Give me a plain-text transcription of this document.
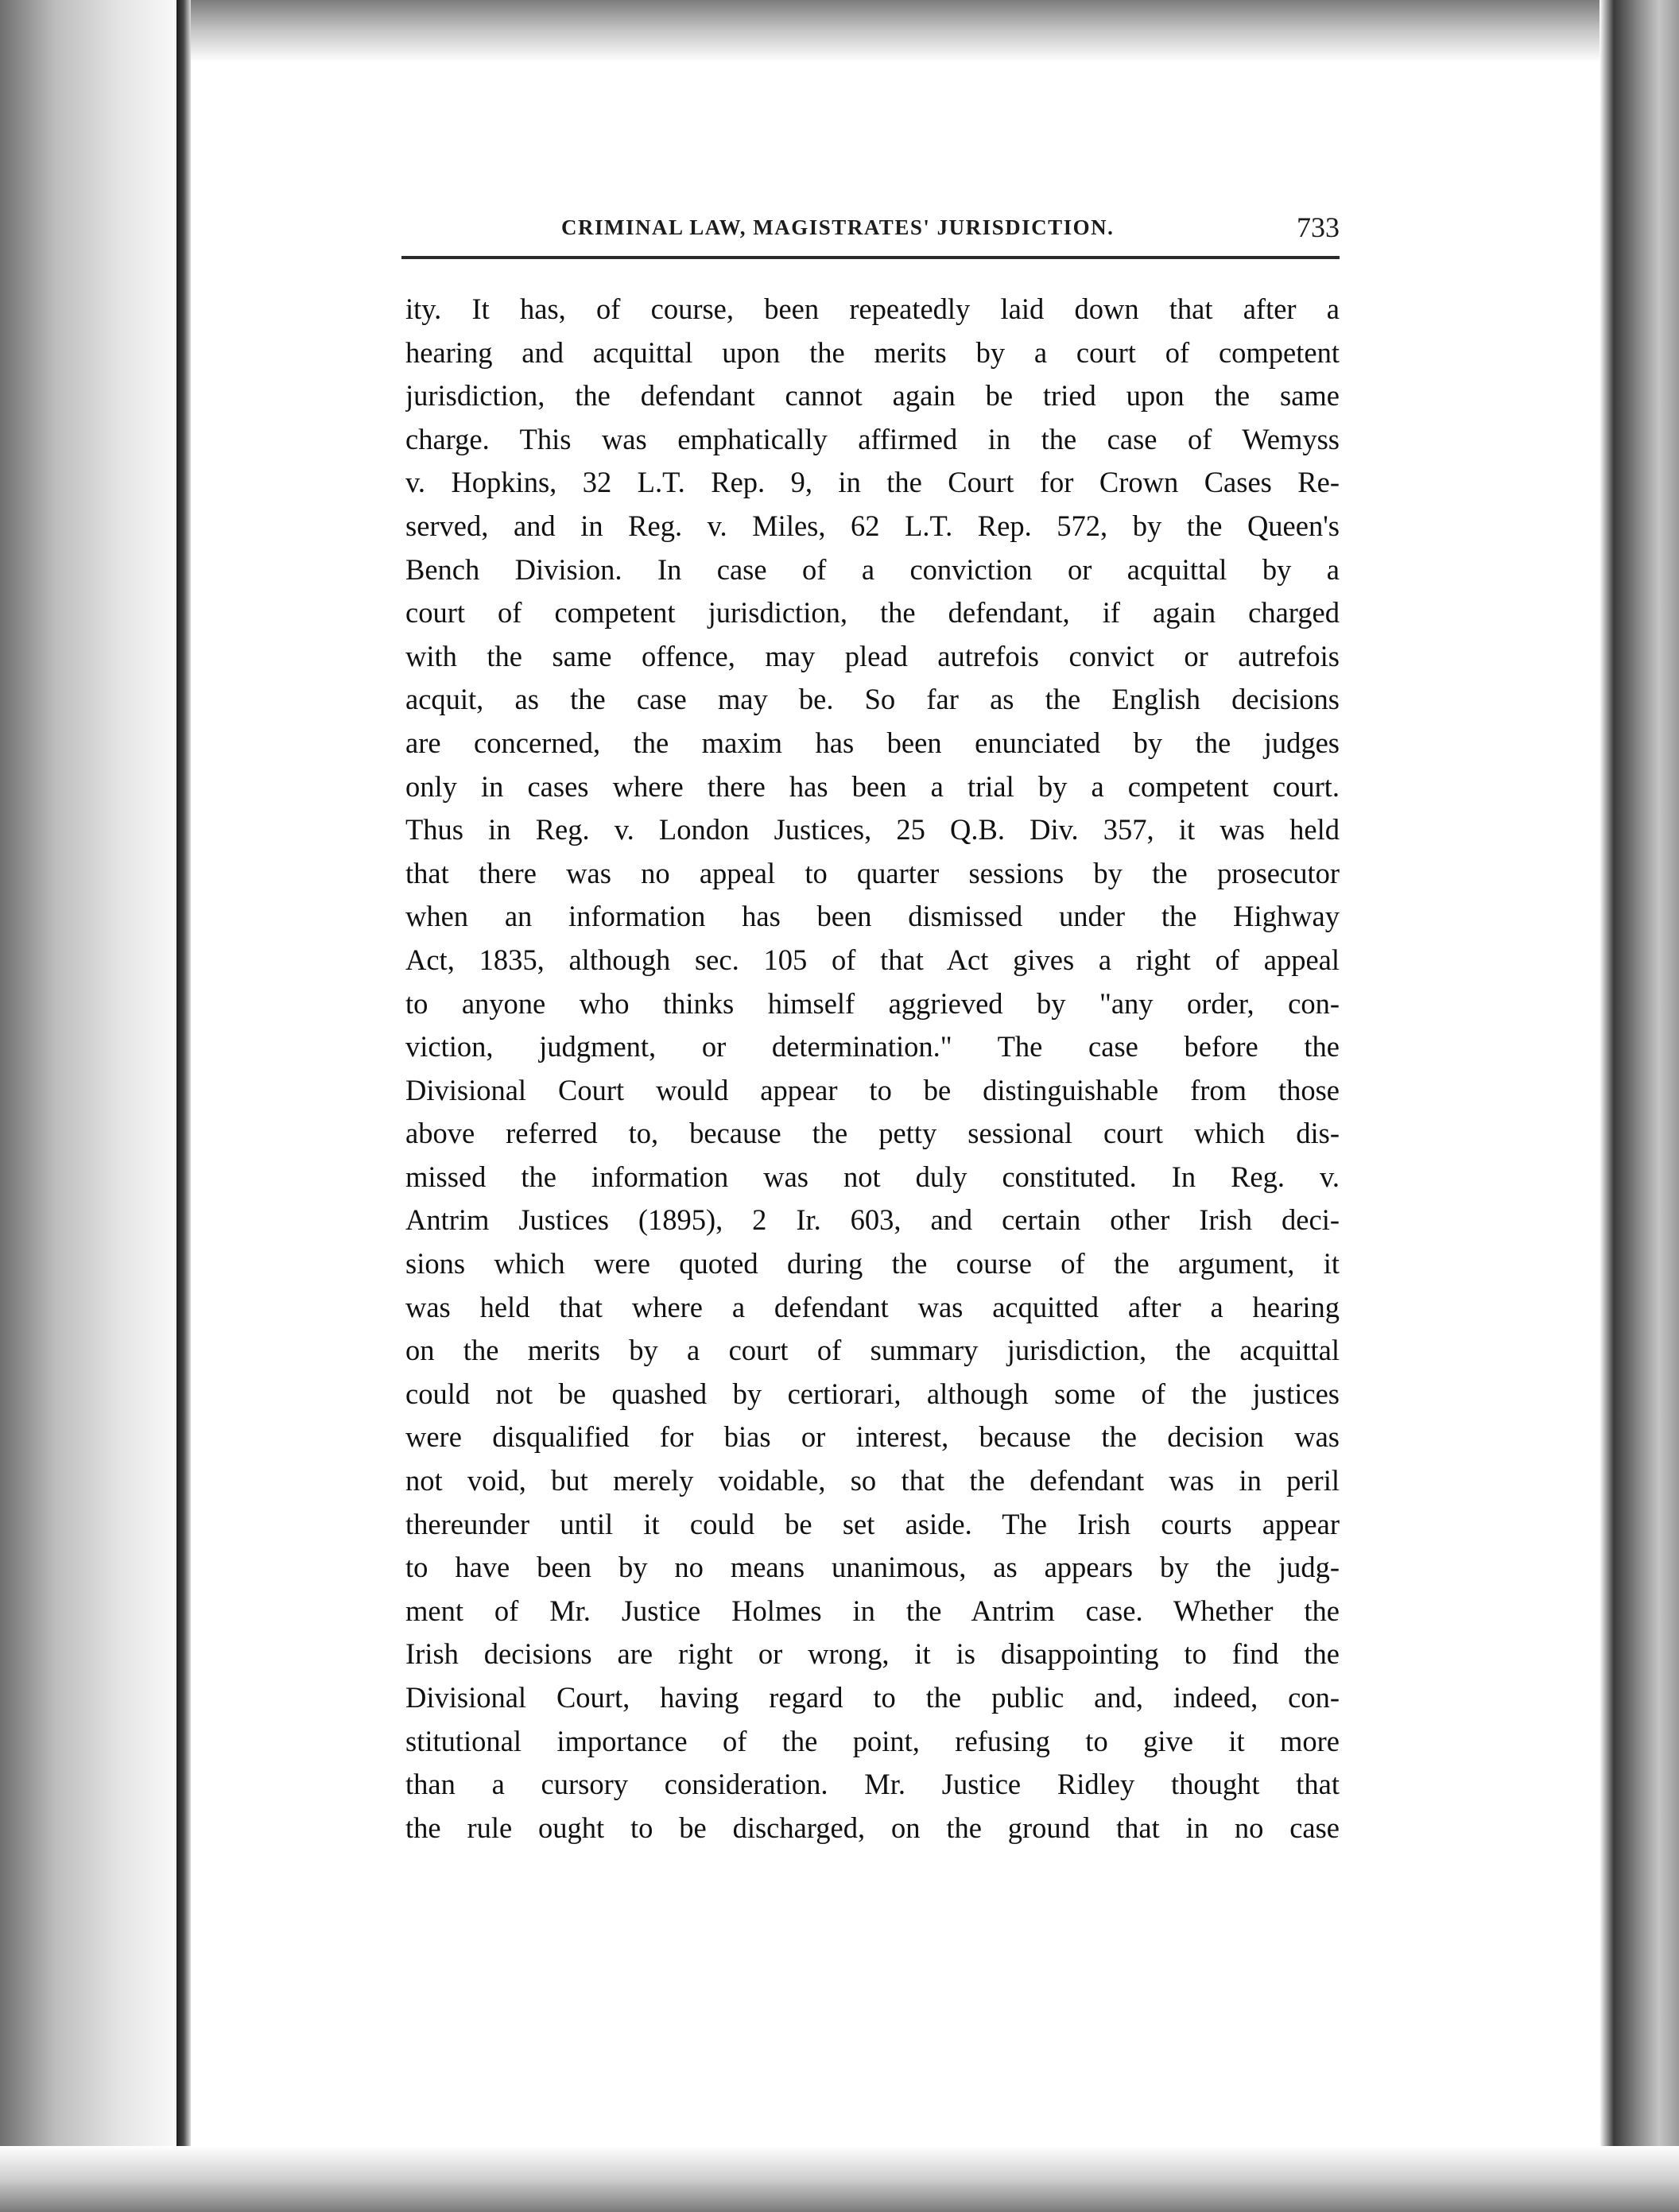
CRIMINAL LAW, MAGISTRATES' JURISDICTION.	733
ity. It has, of course, been repeatedly laid down that after a
hearing and acquittal upon the merits by a court of competent
jurisdiction, the defendant cannot again be tried upon the same
charge. This was emphatically affirmed in the case of Wemyss
v. Hopkins, 32 L.T. Rep. 9, in the Court for Crown Cases Re-
served, and in Reg. v. Miles, 62 L.T. Rep. 572, by the Queen's
Bench Division. In case of a conviction or acquittal by a
court of competent jurisdiction, the defendant, if again charged
with the same offence, may plead autrefois convict or autrefois
acquit, as the case may be. So far as the English decisions
are concerned, the maxim has been enunciated by the judges
only in cases where there has been a trial by a competent court.
Thus in Reg. v. London Justices, 25 Q.B. Div. 357, it was held
that there was no appeal to quarter sessions by the prosecutor
when an information has been dismissed under the Highway
Act, 1835, although sec. 105 of that Act gives a right of appeal
to anyone who thinks himself aggrieved by "any order, con-
viction, judgment, or determination." The case before the
Divisional Court would appear to be distinguishable from those
above referred to, because the petty sessional court which dis-
missed the information was not duly constituted. In Reg. v.
Antrim Justices (1895), 2 Ir. 603, and certain other Irish deci-
sions which were quoted during the course of the argument, it
was held that where a defendant was acquitted after a hearing
on the merits by a court of summary jurisdiction, the acquittal
could not be quashed by certiorari, although some of the justices
were disqualified for bias or interest, because the decision was
not void, but merely voidable, so that the defendant was in peril
thereunder until it could be set aside. The Irish courts appear
to have been by no means unanimous, as appears by the judg-
ment of Mr. Justice Holmes in the Antrim case. Whether the
Irish decisions are right or wrong, it is disappointing to find the
Divisional Court, having regard to the public and, indeed, con-
stitutional importance of the point, refusing to give it more
than a cursory consideration. Mr. Justice Ridley thought that
the rule ought to be discharged, on the ground that in no case
